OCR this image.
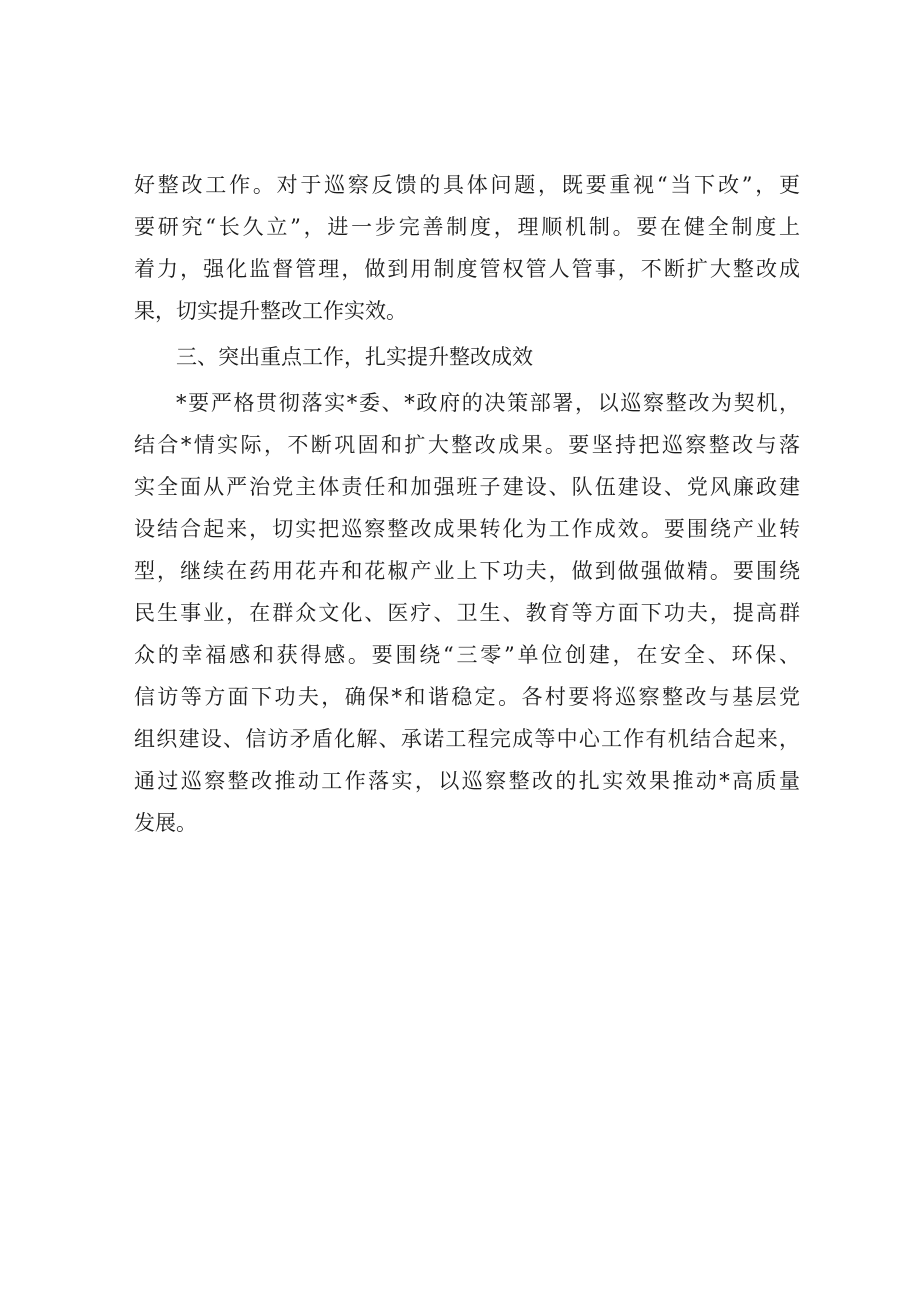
好整改工作。对于巡察反馈的具体问题，既要重视“当下改”，更
要研究“长久立”，进一步完善制度，理顺机制。要在健全制度上
着力，强化监督管理，做到用制度管权管人管事，不断扩大整改成
果，切实提升整改工作实效。
三、突出重点工作，扎实提升整改成效
*要严格贯彻落实*委、*政府的决策部署，以巡察整改为契机，
结合*情实际，不断巩固和扩大整改成果。要坚持把巡察整改与落
实全面从严治党主体责任和加强班子建设、队伍建设、党风廉政建
设结合起来，切实把巡察整改成果转化为工作成效。要围绕产业转
型，继续在药用花卉和花椒产业上下功夫，做到做强做精。要围绕
民生事业，在群众文化、医疗、卫生、教育等方面下功夫，提高群
众的幸福感和获得感。要围绕“三零”单位创建，在安全、环保、
信访等方面下功夫，确保*和谐稳定。各村要将巡察整改与基层党
组织建设、信访矛盾化解、承诺工程完成等中心工作有机结合起来，
通过巡察整改推动工作落实，以巡察整改的扎实效果推动*高质量
发展。
